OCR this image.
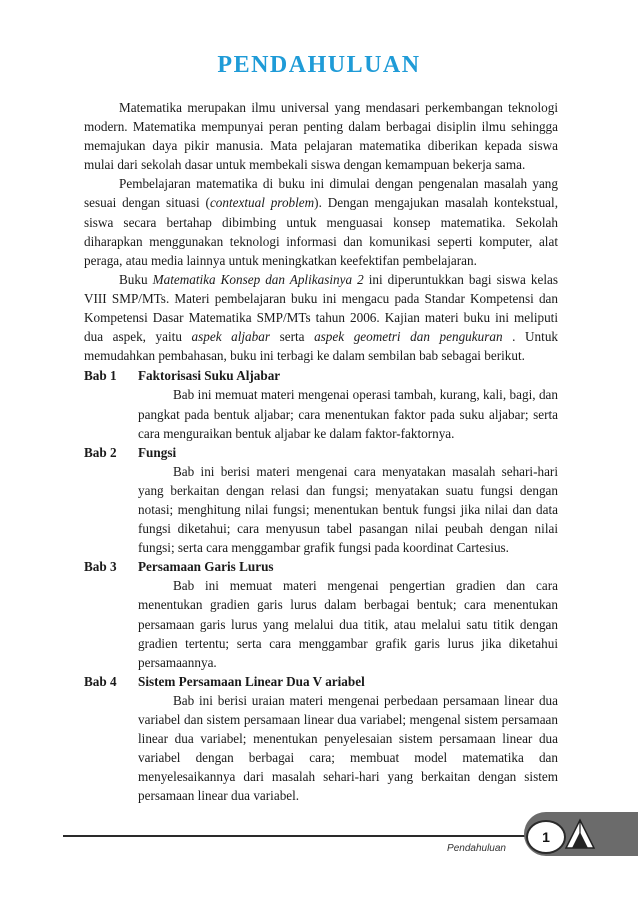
PENDAHULUAN

Matematika merupakan ilmu universal yang mendasari perkembangan teknologi modern. Matematika mempunyai peran penting dalam berbagai disiplin ilmu sehingga memajukan daya pikir manusia. Mata pelajaran matematika diberikan kepada siswa mulai dari sekolah dasar untuk membekali siswa dengan kemampuan bekerja sama.

Pembelajaran matematika di buku ini dimulai dengan pengenalan masalah yang sesuai dengan situasi (contextual problem). Dengan mengajukan masalah kontekstual, siswa secara bertahap dibimbing untuk menguasai konsep matematika. Sekolah diharapkan menggunakan teknologi informasi dan komunikasi seperti komputer, alat peraga, atau media lainnya untuk meningkatkan keefektifan pembelajaran.

Buku Matematika Konsep dan Aplikasinya 2 ini diperuntukkan bagi siswa kelas VIII SMP/MTs. Materi pembelajaran buku ini mengacu pada Standar Kompetensi dan Kompetensi Dasar Matematika SMP/MTs tahun 2006. Kajian materi buku ini meliputi dua aspek, yaitu aspek aljabar serta aspek geometri dan pengukuran . Untuk memudahkan pembahasan, buku ini terbagi ke dalam sembilan bab sebagai berikut.

Bab 1	Faktorisasi Suku Aljabar

Bab ini memuat materi mengenai operasi tambah, kurang, kali, bagi, dan pangkat pada bentuk aljabar; cara menentukan faktor pada suku aljabar; serta cara menguraikan bentuk aljabar ke dalam faktor-faktornya.

Bab 2	Fungsi

Bab ini berisi materi mengenai cara menyatakan masalah sehari-hari yang berkaitan dengan relasi dan fungsi; menyatakan suatu fungsi dengan notasi; menghitung nilai fungsi; menentukan bentuk fungsi jika nilai dan data fungsi diketahui; cara menyusun tabel pasangan nilai peubah dengan nilai fungsi; serta cara menggambar grafik fungsi pada koordinat Cartesius.

Bab 3	Persamaan Garis Lurus

Bab ini memuat materi mengenai pengertian gradien dan cara menentukan gradien garis lurus dalam berbagai bentuk; cara menentukan persamaan garis lurus yang melalui dua titik, atau melalui satu titik dengan gradien tertentu; serta cara menggambar grafik garis lurus jika diketahui persamaannya.

Bab 4	Sistem Persamaan Linear Dua V ariabel

Bab ini berisi uraian materi mengenai perbedaan persamaan linear dua variabel dan sistem persamaan linear dua variabel; mengenal sistem persamaan linear dua variabel; menentukan penyelesaian sistem persamaan linear dua variabel dengan berbagai cara; membuat model matematika dan menyelesaikannya dari masalah sehari-hari yang berkaitan dengan sistem persamaan linear dua variabel.

Pendahuluan
1
